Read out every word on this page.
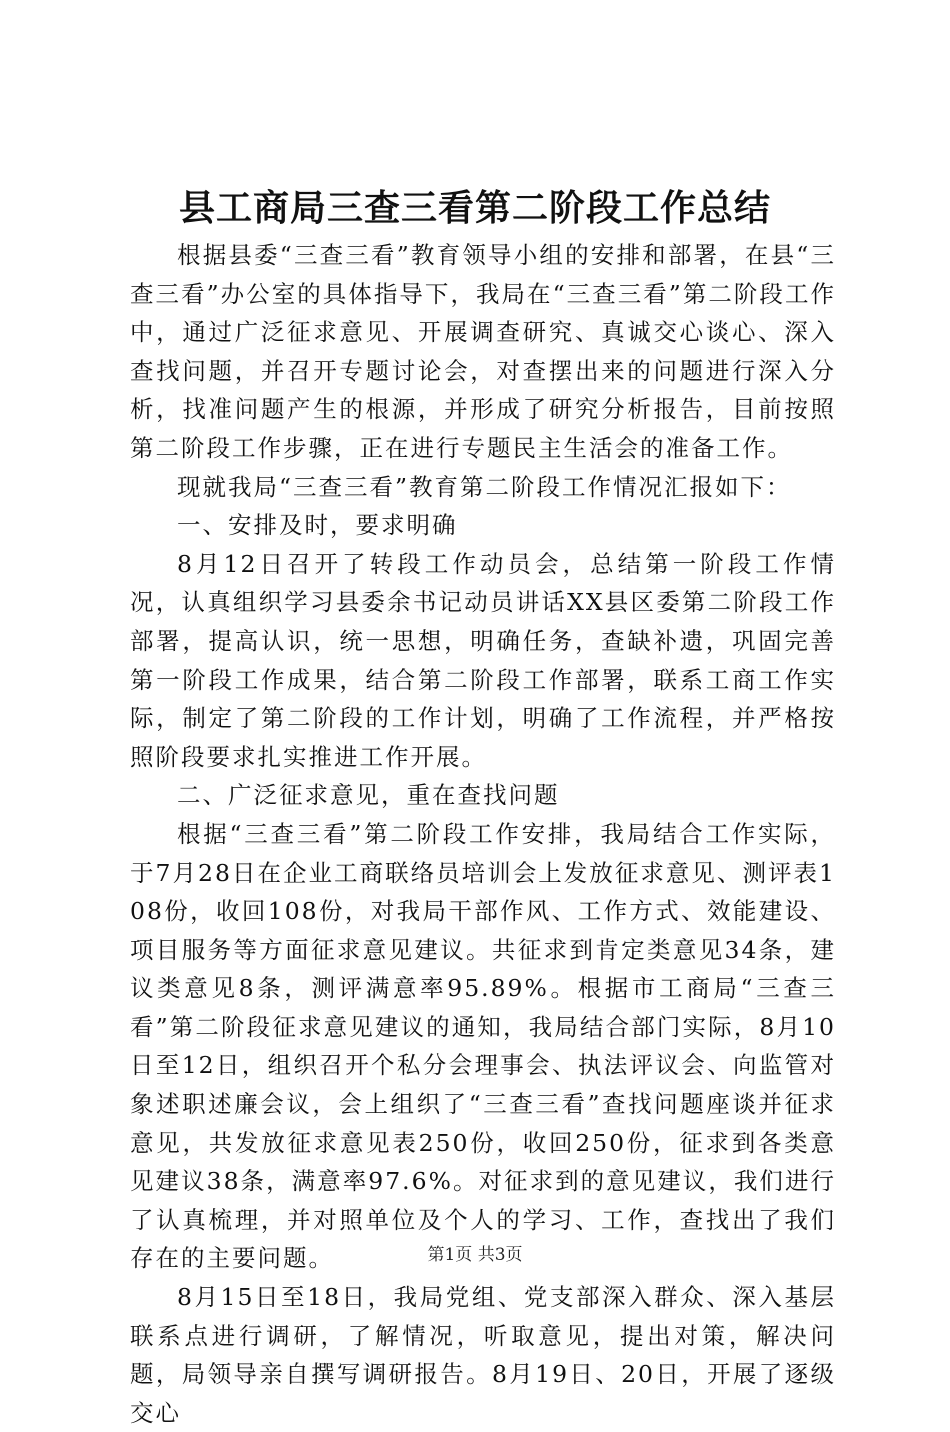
县工商局三查三看第二阶段工作总结

根据县委“三查三看”教育领导小组的安排和部署，在县“三查三看”办公室的具体指导下，我局在“三查三看”第二阶段工作中，通过广泛征求意见、开展调查研究、真诚交心谈心、深入查找问题，并召开专题讨论会，对查摆出来的问题进行深入分析，找准问题产生的根源，并形成了研究分析报告，目前按照第二阶段工作步骤，正在进行专题民主生活会的准备工作。

现就我局“三查三看”教育第二阶段工作情况汇报如下：

一、安排及时，要求明确

8月12日召开了转段工作动员会，总结第一阶段工作情况，认真组织学习县委余书记动员讲话XX县区委第二阶段工作部署，提高认识，统一思想，明确任务，查缺补遗，巩固完善第一阶段工作成果，结合第二阶段工作部署，联系工商工作实际，制定了第二阶段的工作计划，明确了工作流程，并严格按照阶段要求扎实推进工作开展。

二、广泛征求意见，重在查找问题

根据“三查三看”第二阶段工作安排，我局结合工作实际，于7月28日在企业工商联络员培训会上发放征求意见、测评表108份，收回108份，对我局干部作风、工作方式、效能建设、项目服务等方面征求意见建议。共征求到肯定类意见34条，建议类意见8条，测评满意率95.89%。根据市工商局“三查三看”第二阶段征求意见建议的通知，我局结合部门实际，8月10日至12日，组织召开个私分会理事会、执法评议会、向监管对象述职述廉会议，会上组织了“三查三看”查找问题座谈并征求意见，共发放征求意见表250份，收回250份，征求到各类意见建议38条，满意率97.6%。对征求到的意见建议，我们进行了认真梳理，并对照单位及个人的学习、工作，查找出了我们存在的主要问题。

8月15日至18日，我局党组、党支部深入群众、深入基层联系点进行调研，了解情况，听取意见，提出对策，解决问题，局领导亲自撰写调研报告。8月19日、20日，开展了逐级交心

第1页 共3页
